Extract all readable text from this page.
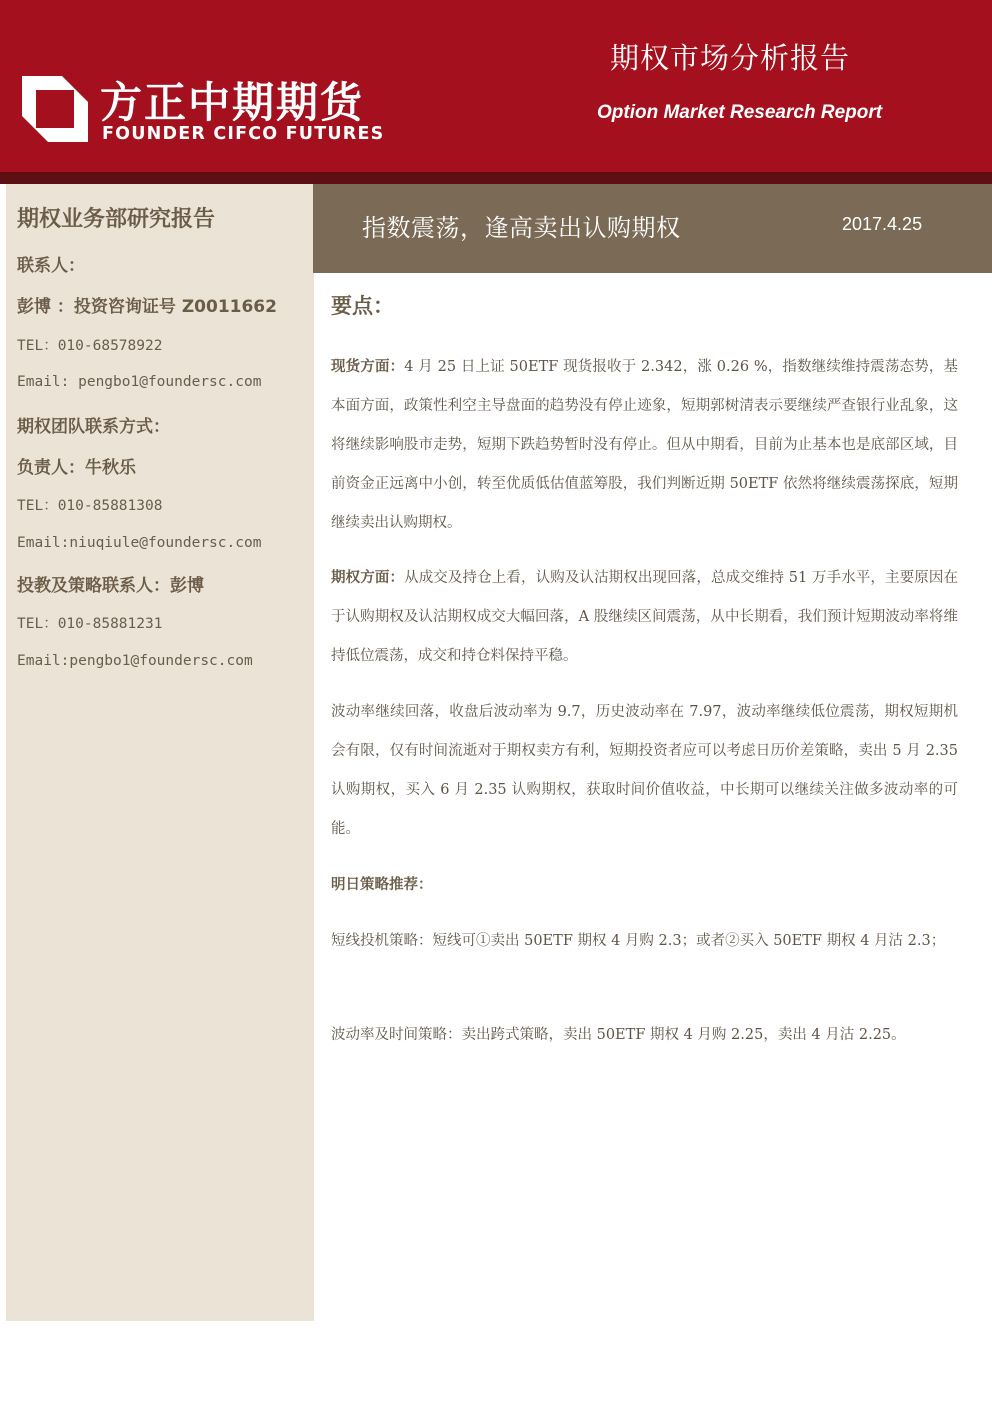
方正中期期货
FOUNDER CIFCO FUTURES
期权市场分析报告
Option Market Research Report
期权业务部研究报告
联系人：
彭博 ：投资咨询证号 Z0011662
TEL：010-68578922
Email: pengbo1@foundersc.com
期权团队联系方式：
负责人：牛秋乐
TEL：010-85881308
Email:niuqiule@foundersc.com
投教及策略联系人：彭博
TEL：010-85881231
Email:pengbo1@foundersc.com
指数震荡，逢高卖出认购期权	2017.4.25
要点：
现货方面：4 月 25 日上证 50ETF 现货报收于 2.342，涨 0.26 %，指数继续维持震荡态势，基本面方面，政策性利空主导盘面的趋势没有停止迹象，短期郭树清表示要继续严查银行业乱象，这将继续影响股市走势，短期下跌趋势暂时没有停止。但从中期看，目前为止基本也是底部区域，目前资金正远离中小创，转至优质低估值蓝筹股，我们判断近期 50ETF 依然将继续震荡探底，短期继续卖出认购期权。
期权方面：从成交及持仓上看，认购及认沽期权出现回落，总成交维持 51 万手水平，主要原因在于认购期权及认沽期权成交大幅回落，A 股继续区间震荡，从中长期看，我们预计短期波动率将维持低位震荡，成交和持仓料保持平稳。
波动率继续回落，收盘后波动率为 9.7，历史波动率在 7.97，波动率继续低位震荡，期权短期机会有限，仅有时间流逝对于期权卖方有利，短期投资者应可以考虑日历价差策略，卖出 5 月 2.35 认购期权，买入 6 月 2.35 认购期权，获取时间价值收益，中长期可以继续关注做多波动率的可能。
明日策略推荐：
短线投机策略：短线可①卖出 50ETF 期权 4 月购 2.3；或者②买入 50ETF 期权 4 月沽 2.3；
波动率及时间策略：卖出跨式策略，卖出 50ETF 期权 4 月购 2.25，卖出 4 月沽 2.25。
